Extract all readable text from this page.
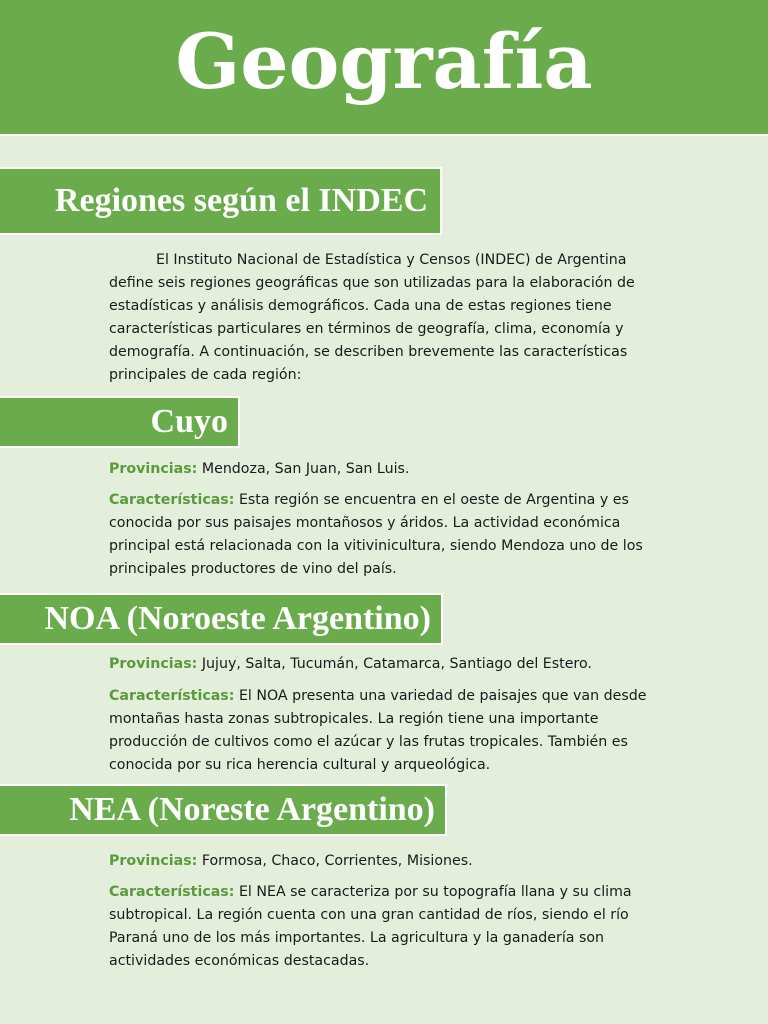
Geografía
Regiones según el INDEC

El Instituto Nacional de Estadística y Censos (INDEC) de Argentina define seis regiones geográficas que son utilizadas para la elaboración de estadísticas y análisis demográficos. Cada una de estas regiones tiene características particulares en términos de geografía, clima, economía y demografía. A continuación, se describen brevemente las características principales de cada región:

Cuyo

Provincias: Mendoza, San Juan, San Luis.

Características: Esta región se encuentra en el oeste de Argentina y es conocida por sus paisajes montañosos y áridos. La actividad económica principal está relacionada con la vitivinicultura, siendo Mendoza uno de los principales productores de vino del país.

NOA (Noroeste Argentino)

Provincias: Jujuy, Salta, Tucumán, Catamarca, Santiago del Estero.

Características: El NOA presenta una variedad de paisajes que van desde montañas hasta zonas subtropicales. La región tiene una importante producción de cultivos como el azúcar y las frutas tropicales. También es conocida por su rica herencia cultural y arqueológica.

NEA (Noreste Argentino)

Provincias: Formosa, Chaco, Corrientes, Misiones.

Características: El NEA se caracteriza por su topografía llana y su clima subtropical. La región cuenta con una gran cantidad de ríos, siendo el río Paraná uno de los más importantes. La agricultura y la ganadería son actividades económicas destacadas.
